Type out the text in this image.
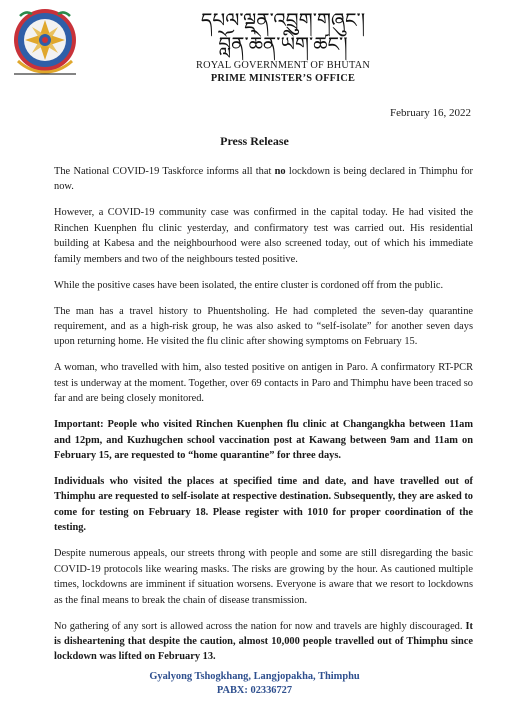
དཔལ་ལྡན་འབྲུག་གཞུང་།
བློན་ཆེན་ཡིག་ཚང་།
ROYAL GOVERNMENT OF BHUTAN
PRIME MINISTER’S OFFICE
February 16, 2022
Press Release

The National COVID-19 Taskforce informs all that no lockdown is being declared in Thimphu for now.

However, a COVID-19 community case was confirmed in the capital today. He had visited the Rinchen Kuenphen flu clinic yesterday, and confirmatory test was carried out. His residential building at Kabesa and the neighbourhood were also screened today, out of which his immediate family members and two of the neighbours tested positive.

While the positive cases have been isolated, the entire cluster is cordoned off from the public.

The man has a travel history to Phuentsholing. He had completed the seven-day quarantine requirement, and as a high-risk group, he was also asked to “self-isolate” for another seven days upon returning home. He visited the flu clinic after showing symptoms on February 15.

A woman, who travelled with him, also tested positive on antigen in Paro. A confirmatory RT-PCR test is underway at the moment. Together, over 69 contacts in Paro and Thimphu have been traced so far and are being closely monitored.

Important: People who visited Rinchen Kuenphen flu clinic at Changangkha between 11am and 12pm, and Kuzhugchen school vaccination post at Kawang between 9am and 11am on February 15, are requested to “home quarantine” for three days.

Individuals who visited the places at specified time and date, and have travelled out of Thimphu are requested to self-isolate at respective destination. Subsequently, they are asked to come for testing on February 18. Please register with 1010 for proper coordination of the testing.

Despite numerous appeals, our streets throng with people and some are still disregarding the basic COVID-19 protocols like wearing masks. The risks are growing by the hour. As cautioned multiple times, lockdowns are imminent if situation worsens. Everyone is aware that we resort to lockdowns as the final means to break the chain of disease transmission.

No gathering of any sort is allowed across the nation for now and travels are highly discouraged. It is disheartening that despite the caution, almost 10,000 people travelled out of Thimphu since lockdown was lifted on February 13.

Gyalyong Tshogkhang, Langjopakha, Thimphu
PABX: 02336727
